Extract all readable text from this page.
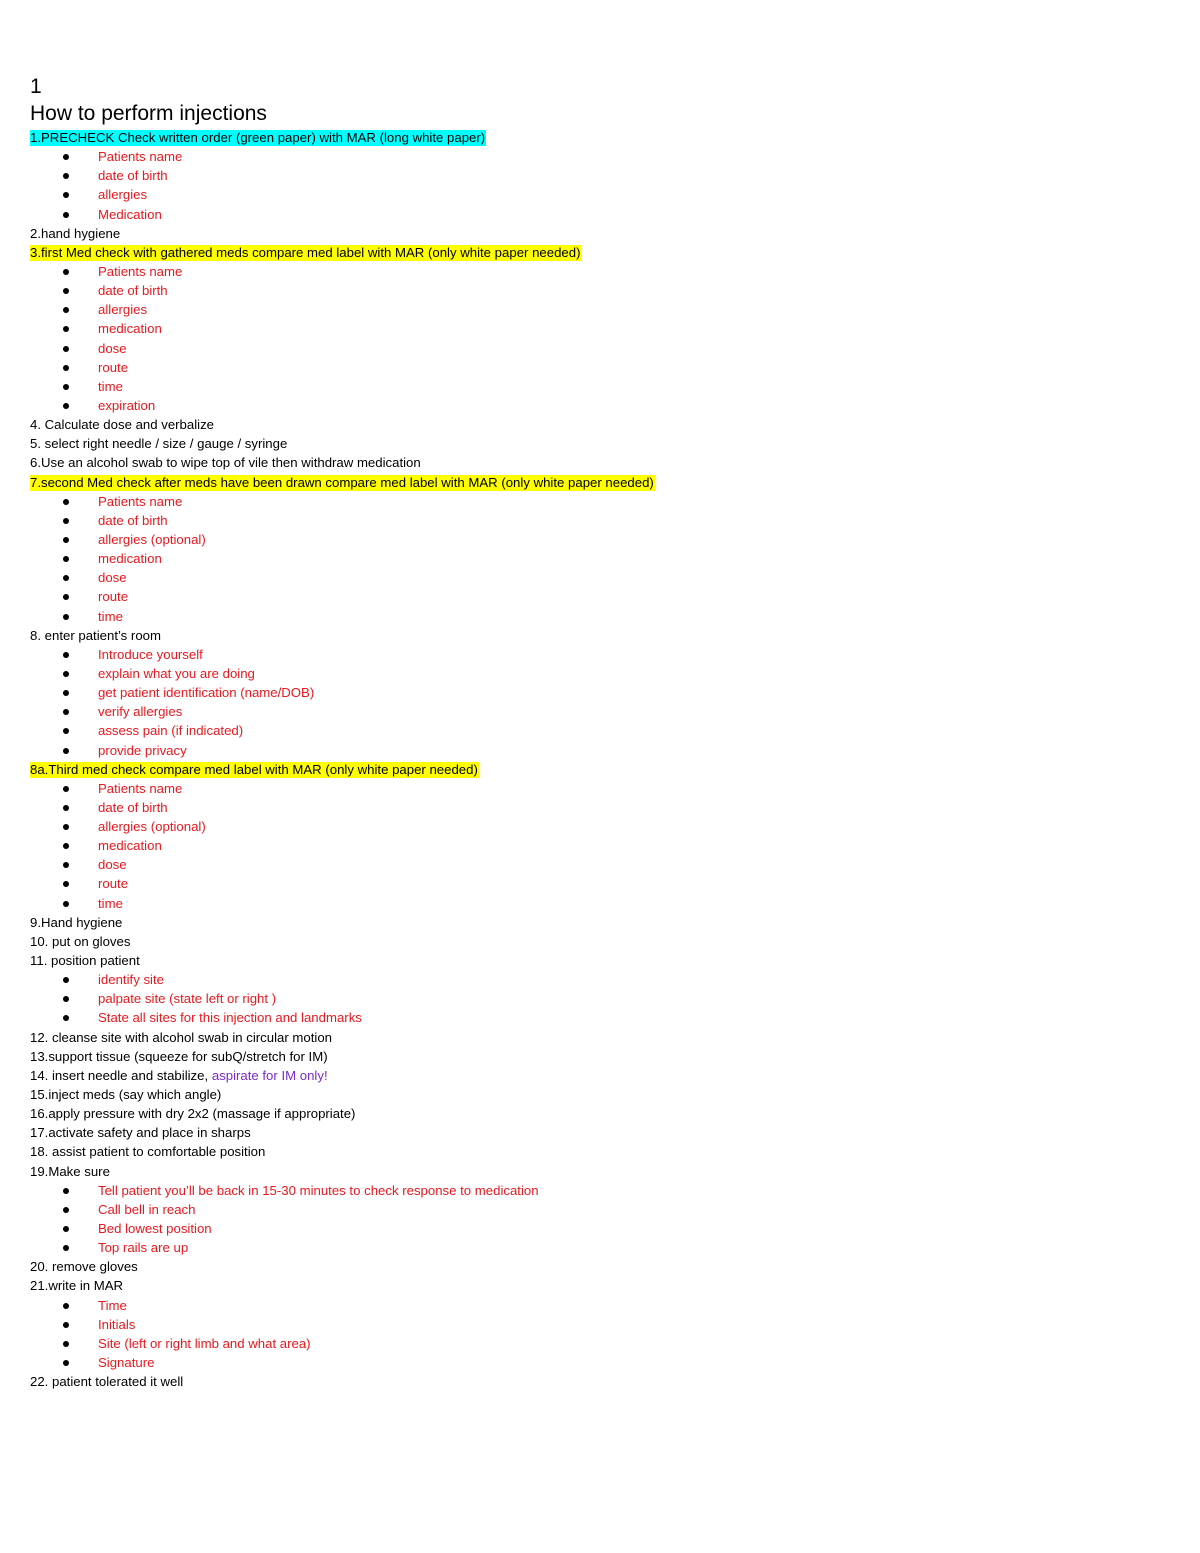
1
How to perform injections
1.PRECHECK Check written order (green paper) with MAR (long white paper)
Patients name
date of birth
allergies
Medication
2.hand hygiene
3.first Med check with gathered meds compare med label with MAR (only white paper needed)
Patients name
date of birth
allergies
medication
dose
route
time
expiration
4. Calculate dose and verbalize
5. select right needle / size / gauge / syringe
6.Use an alcohol swab to wipe top of vile then withdraw medication
7.second Med check after meds have been drawn compare med label with MAR (only white paper needed)
Patients name
date of birth
allergies (optional)
medication
dose
route
time
8. enter patient’s room
Introduce yourself
explain what you are doing
get patient identification (name/DOB)
verify allergies
assess pain (if indicated)
provide privacy
8a.Third med check compare med label with MAR (only white paper needed)
Patients name
date of birth
allergies (optional)
medication
dose
route
time
9.Hand hygiene
10. put on gloves
11. position patient
identify site
palpate site (state left or right )
State all sites for this injection and landmarks
12. cleanse site with alcohol swab in circular motion
13.support tissue (squeeze for subQ/stretch for IM)
14. insert needle and stabilize, aspirate for IM only!
15.inject meds (say which angle)
16.apply pressure with dry 2x2 (massage if appropriate)
17.activate safety and place in sharps
18. assist patient to comfortable position
19.Make sure
Tell patient you’ll be back in 15-30 minutes to check response to medication
Call bell in reach
Bed lowest position
Top rails are up
20. remove gloves
21.write in MAR
Time
Initials
Site (left or right limb and what area)
Signature
22. patient tolerated it well
